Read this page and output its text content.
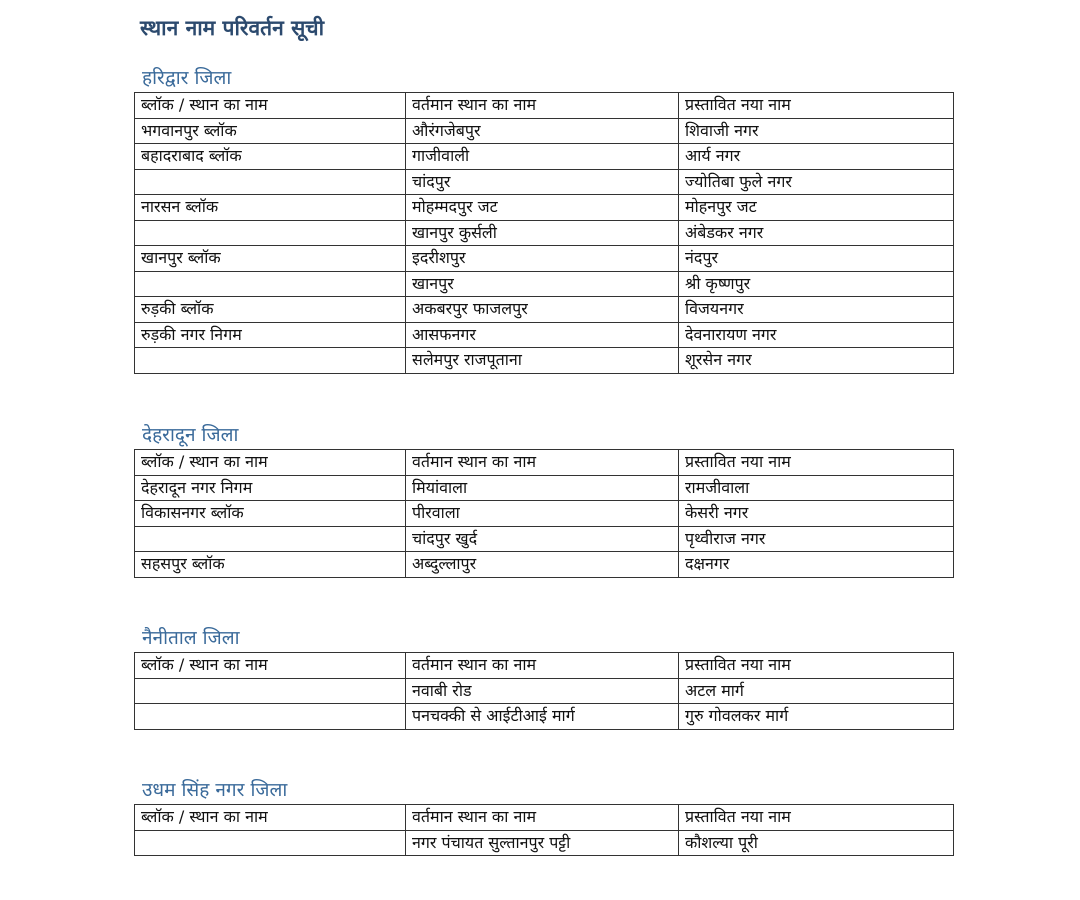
स्थान नाम परिवर्तन सूची
हरिद्वार जिला
ब्लॉक / स्थान का नाम	वर्तमान स्थान का नाम	प्रस्तावित नया नाम
भगवानपुर ब्लॉक	औरंगजेबपुर	शिवाजी नगर
बहादराबाद ब्लॉक	गाजीवाली	आर्य नगर
	चांदपुर	ज्योतिबा फुले नगर
नारसन ब्लॉक	मोहम्मदपुर जट	मोहनपुर जट
	खानपुर कुर्सली	अंबेडकर नगर
खानपुर ब्लॉक	इदरीशपुर	नंदपुर
	खानपुर	श्री कृष्णपुर
रुड़की ब्लॉक	अकबरपुर फाजलपुर	विजयनगर
रुड़की नगर निगम	आसफनगर	देवनारायण नगर
	सलेमपुर राजपूताना	शूरसेन नगर
देहरादून जिला
ब्लॉक / स्थान का नाम	वर्तमान स्थान का नाम	प्रस्तावित नया नाम
देहरादून नगर निगम	मियांवाला	रामजीवाला
विकासनगर ब्लॉक	पीरवाला	केसरी नगर
	चांदपुर खुर्द	पृथ्वीराज नगर
सहसपुर ब्लॉक	अब्दुल्लापुर	दक्षनगर
नैनीताल जिला
ब्लॉक / स्थान का नाम	वर्तमान स्थान का नाम	प्रस्तावित नया नाम
	नवाबी रोड	अटल मार्ग
	पनचक्की से आईटीआई मार्ग	गुरु गोवलकर मार्ग
उधम सिंह नगर जिला
ब्लॉक / स्थान का नाम	वर्तमान स्थान का नाम	प्रस्तावित नया नाम
	नगर पंचायत सुल्तानपुर पट्टी	कौशल्या पूरी
